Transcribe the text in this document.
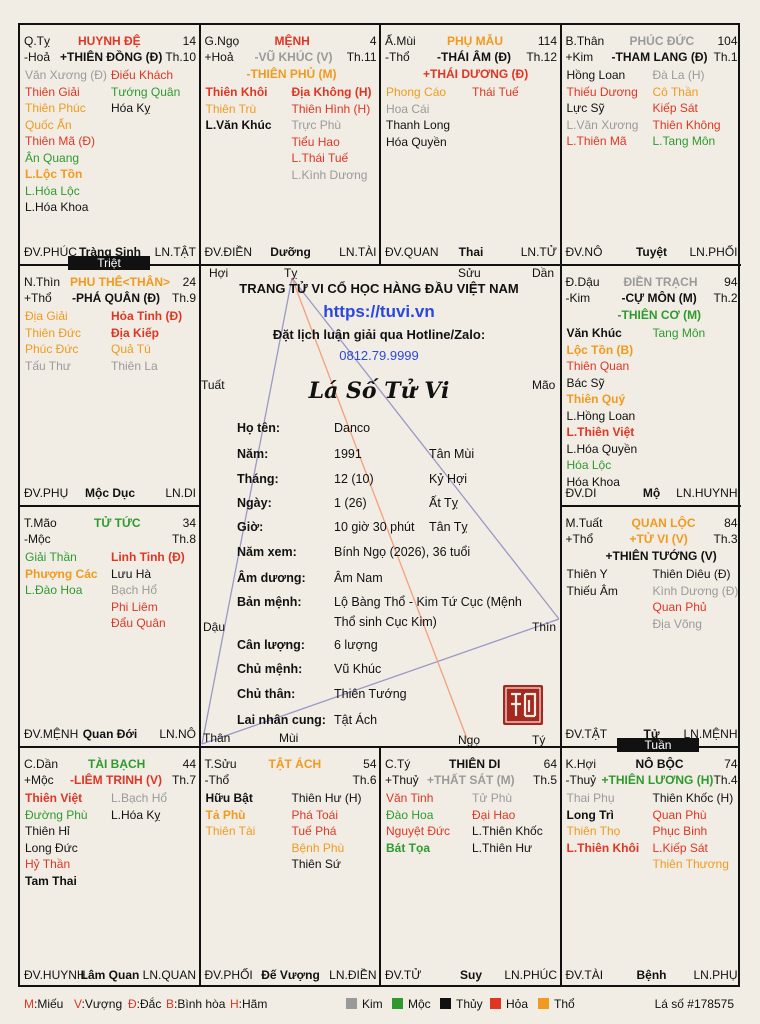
Triệt
Tuần
Hợi	Tỵ	Sửu	Dần
Tuất	Mão
Dậu	Thìn
Thân	Mùi	Ngọ	Tý
TRANG TỬ VI CỔ HỌC HÀNG ĐẦU VIỆT NAM
https://tuvi.vn
Đặt lịch luận giải qua Hotline/Zalo:
0812.79.9999
Lá Số Tử Vi
Họ tên:	Danco
Năm:	1991	Tân Mùi
Tháng:	12 (10)	Kỷ Hợi
Ngày:	1 (26)	Ất Tỵ
Giờ:	10 giờ 30 phút Tân Tỵ
Năm xem:	Bính Ngọ (2026), 36 tuổi
Âm dương: Âm Nam
Bản mệnh:	Lộ Bàng Thổ - Kim Tứ Cục (Mệnh
Thổ sinh Cục Kim)
Cân lượng: 6 lượng
Chủ mệnh:	Vũ Khúc
Chủ thân:	Thiên Tướng
Lai nhân cung: Tật Ách
M:Miếu V:Vượng Đ:Đắc B:Bình hòa H:Hãm	Kim Mộc Thủy Hỏa Thổ	Lá số #178575
Q.Tỵ HUYNH ĐỆ	14
-Hoả +THIÊN ĐỒNG (Đ) Th.10
Văn Xương (Đ) Điếu Khách
Thiên Giải	Tướng Quân
Thiên Phúc Hóa Kỵ
Quốc Ấn
Thiên Mã (Đ)
Ân Quang
L.Lộc Tồn
L.Hóa Lộc
L.Hóa Khoa
ĐV.PHÚC Tràng Sinh LN.TẬT
G.Ngọ	MỆNH	4
+Hoả -VŨ KHÚC (V) Th.11
-THIÊN PHỦ (M)
Thiên Khôi Địa Không (H)
Thiên Trù	Thiên Hình (H)
L.Văn Khúc Trực Phù
Tiểu Hao
L.Thái Tuế
L.Kình Dương
ĐV.ĐIỀN Dưỡng LN.TÀI
Ấ.Mùi	PHỤ MẪU	114
-Thổ -THÁI ÂM (Đ) Th.12
+THÁI DƯƠNG (Đ)
Phong Cáo Thái Tuế
Hoa Cái
Thanh Long
Hóa Quyền
ĐV.QUAN Thai	LN.TỬ
B.Thân PHÚC ĐỨC 104
+Kim -THAM LANG (Đ) Th.1
Hồng Loan Đà La (H)
Thiếu Dương Cô Thần
Lực Sỹ	Kiếp Sát
L.Văn Xương Thiên Không
L.Thiên Mã L.Tang Môn
ĐV.NÔ	Tuyệt LN.PHỐI
N.Thìn PHU THÊ<THÂN> 24
+Thổ -PHÁ QUÂN (Đ) Th.9
Địa Giải	Hỏa Tinh (Đ)
Thiên Đức Địa Kiếp
Phúc Đức	Quả Tú
Tấu Thư	Thiên La
ĐV.PHỤ Mộc Dục	LN.DI
Đ.Dậu ĐIỀN TRẠCH 94
-Kim	-CỰ MÔN (M) Th.2
-THIÊN CƠ (M)
Văn Khúc	Tang Môn
Lộc Tồn (B)
Thiên Quan
Bác Sỹ
Thiên Quý
L.Hồng Loan
L.Thiên Việt
L.Hóa Quyền
Hóa Lộc
Hóa Khoa
ĐV.DI	Mộ LN.HUYNH
T.Mão	TỬ TỨC	34
-Mộc	Th.8
Giải Thần	Linh Tinh (Đ)
Phượng Các Lưu Hà
L.Đào Hoa Bạch Hổ
Phi Liêm
Đẩu Quân
ĐV.MỆNH Quan Đới LN.NÔ
M.Tuất QUAN LỘC 84
+Thổ	+TỬ VI (V) Th.3
+THIÊN TƯỚNG (V)
Thiên Y	Thiên Diêu (Đ)
Thiếu Âm	Kình Dương (Đ)
Quan Phủ
Địa Võng
ĐV.TẬT	Tử LN.MỆNH
C.Dần TÀI BẠCH	44
+Mộc -LIÊM TRINH (V) Th.7
Thiên Việt L.Bạch Hổ
Đường Phù L.Hóa Kỵ
Thiên Hỉ
Long Đức
Hỷ Thần
Tam Thai
ĐV.HUYNH
Lâm Quan LN.QUAN
T.Sửu	TẬT ÁCH	54
-Thổ	Th.6
Hữu Bật	Thiên Hư (H)
Tả Phù	Phá Toái
Thiên Tài	Tuế Phá
Bệnh Phù
Thiên Sứ
ĐV.PHỐI Đế Vượng LN.ĐIỀN
C.Tý	THIÊN DI	64
+Thuỷ +THẤT SÁT (M) Th.5
Văn Tinh	Tử Phù
Đào Hoa	Đại Hao
Nguyệt Đức L.Thiên Khốc
Bát Tọa	L.Thiên Hư
ĐV.TỬ	Suy LN.PHÚC
K.Hợi	NÔ BỘC	74
-Thuỷ +THIÊN LƯƠNG (H) Th.4
Thai Phụ	Thiên Khốc (H)
Long Trì	Quan Phù
Thiên Thọ	Phục Binh
L.Thiên Khôi L.Kiếp Sát
Thiên Thương
ĐV.TÀI	Bệnh LN.PHỤ
